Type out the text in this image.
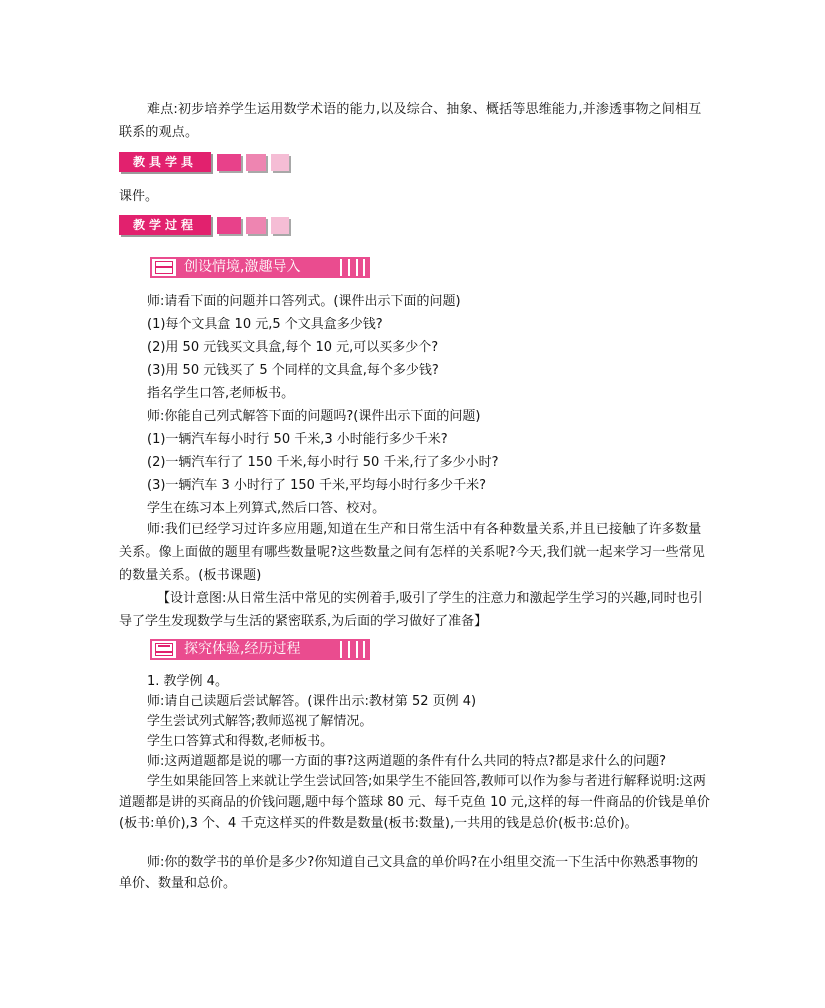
难点:初步培养学生运用数学术语的能力,以及综合、抽象、概括等思维能力,并渗透事物之间相互联系的观点。

教具学具

课件。

教学过程
创设情境,激趣导入

师:请看下面的问题并口答列式。(课件出示下面的问题)

(1)每个文具盒 10 元,5 个文具盒多少钱?

(2)用 50 元钱买文具盒,每个 10 元,可以买多少个?

(3)用 50 元钱买了 5 个同样的文具盒,每个多少钱?

指名学生口答,老师板书。

师:你能自己列式解答下面的问题吗?(课件出示下面的问题)

(1)一辆汽车每小时行 50 千米,3 小时能行多少千米?

(2)一辆汽车行了 150 千米,每小时行 50 千米,行了多少小时?

(3)一辆汽车 3 小时行了 150 千米,平均每小时行多少千米?

学生在练习本上列算式,然后口答、校对。

师:我们已经学习过许多应用题,知道在生产和日常生活中有各种数量关系,并且已接触了许多数量关系。像上面做的题里有哪些数量呢?这些数量之间有怎样的关系呢?今天,我们就一起来学习一些常见的数量关系。(板书课题)

【设计意图:从日常生活中常见的实例着手,吸引了学生的注意力和激起学生学习的兴趣,同时也引导了学生发现数学与生活的紧密联系,为后面的学习做好了准备】

探究体验,经历过程

1. 教学例 4。

师:请自己读题后尝试解答。(课件出示:教材第 52 页例 4)

学生尝试列式解答;教师巡视了解情况。

学生口答算式和得数,老师板书。

师:这两道题都是说的哪一方面的事?这两道题的条件有什么共同的特点?都是求什么的问题?

学生如果能回答上来就让学生尝试回答;如果学生不能回答,教师可以作为参与者进行解释说明:这两道题都是讲的买商品的价钱问题,题中每个篮球 80 元、每千克鱼 10 元,这样的每一件商品的价钱是单价(板书:单价),3 个、4 千克这样买的件数是数量(板书:数量),一共用的钱是总价(板书:总价)。

师:你的数学书的单价是多少?你知道自己文具盒的单价吗?在小组里交流一下生活中你熟悉事物的单价、数量和总价。
